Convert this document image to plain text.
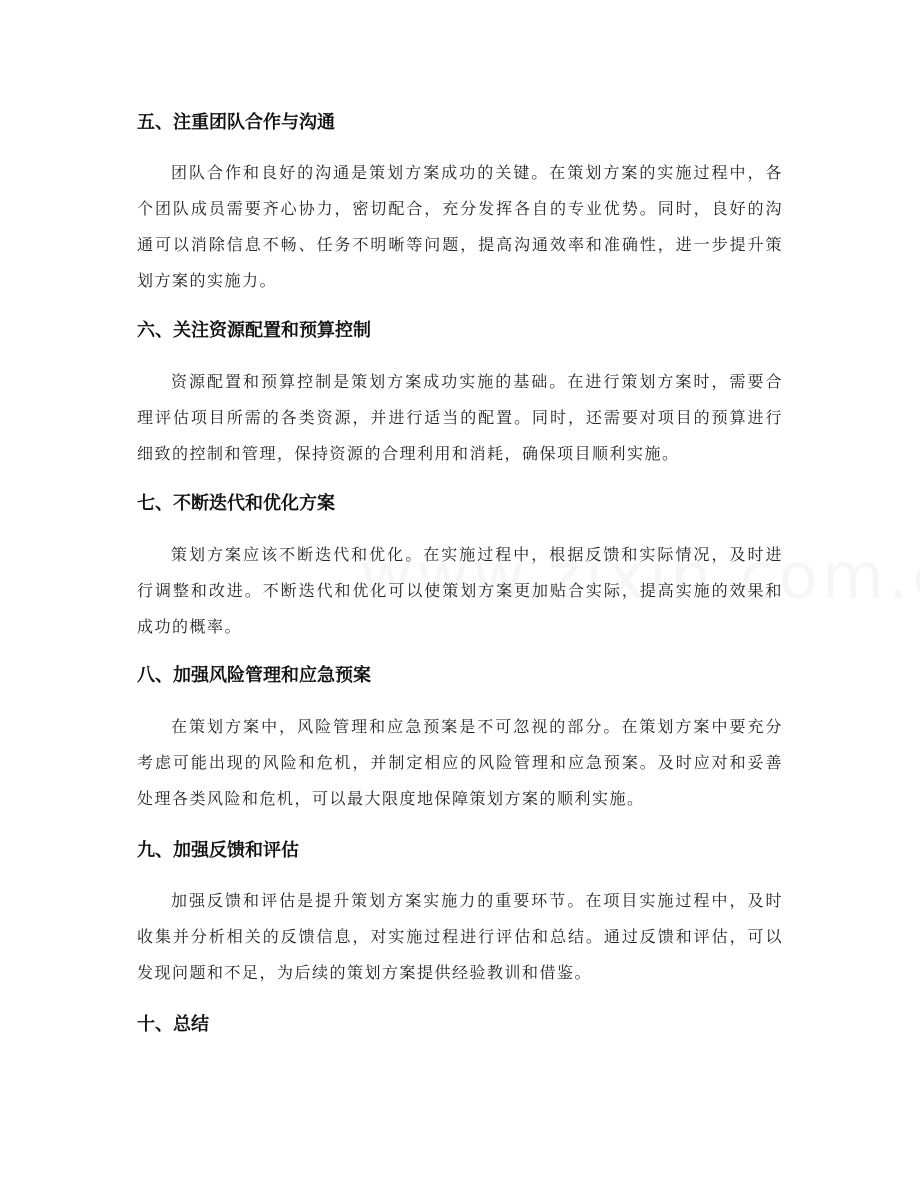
五、注重团队合作与沟通
团队合作和良好的沟通是策划方案成功的关键。在策划方案的实施过程中，各个团队成员需要齐心协力，密切配合，充分发挥各自的专业优势。同时，良好的沟通可以消除信息不畅、任务不明晰等问题，提高沟通效率和准确性，进一步提升策划方案的实施力。
六、关注资源配置和预算控制
资源配置和预算控制是策划方案成功实施的基础。在进行策划方案时，需要合理评估项目所需的各类资源，并进行适当的配置。同时，还需要对项目的预算进行细致的控制和管理，保持资源的合理利用和消耗，确保项目顺利实施。
七、不断迭代和优化方案
策划方案应该不断迭代和优化。在实施过程中，根据反馈和实际情况，及时进行调整和改进。不断迭代和优化可以使策划方案更加贴合实际，提高实施的效果和成功的概率。
八、加强风险管理和应急预案
在策划方案中，风险管理和应急预案是不可忽视的部分。在策划方案中要充分考虑可能出现的风险和危机，并制定相应的风险管理和应急预案。及时应对和妥善处理各类风险和危机，可以最大限度地保障策划方案的顺利实施。
九、加强反馈和评估
加强反馈和评估是提升策划方案实施力的重要环节。在项目实施过程中，及时收集并分析相关的反馈信息，对实施过程进行评估和总结。通过反馈和评估，可以发现问题和不足，为后续的策划方案提供经验教训和借鉴。
十、总结
